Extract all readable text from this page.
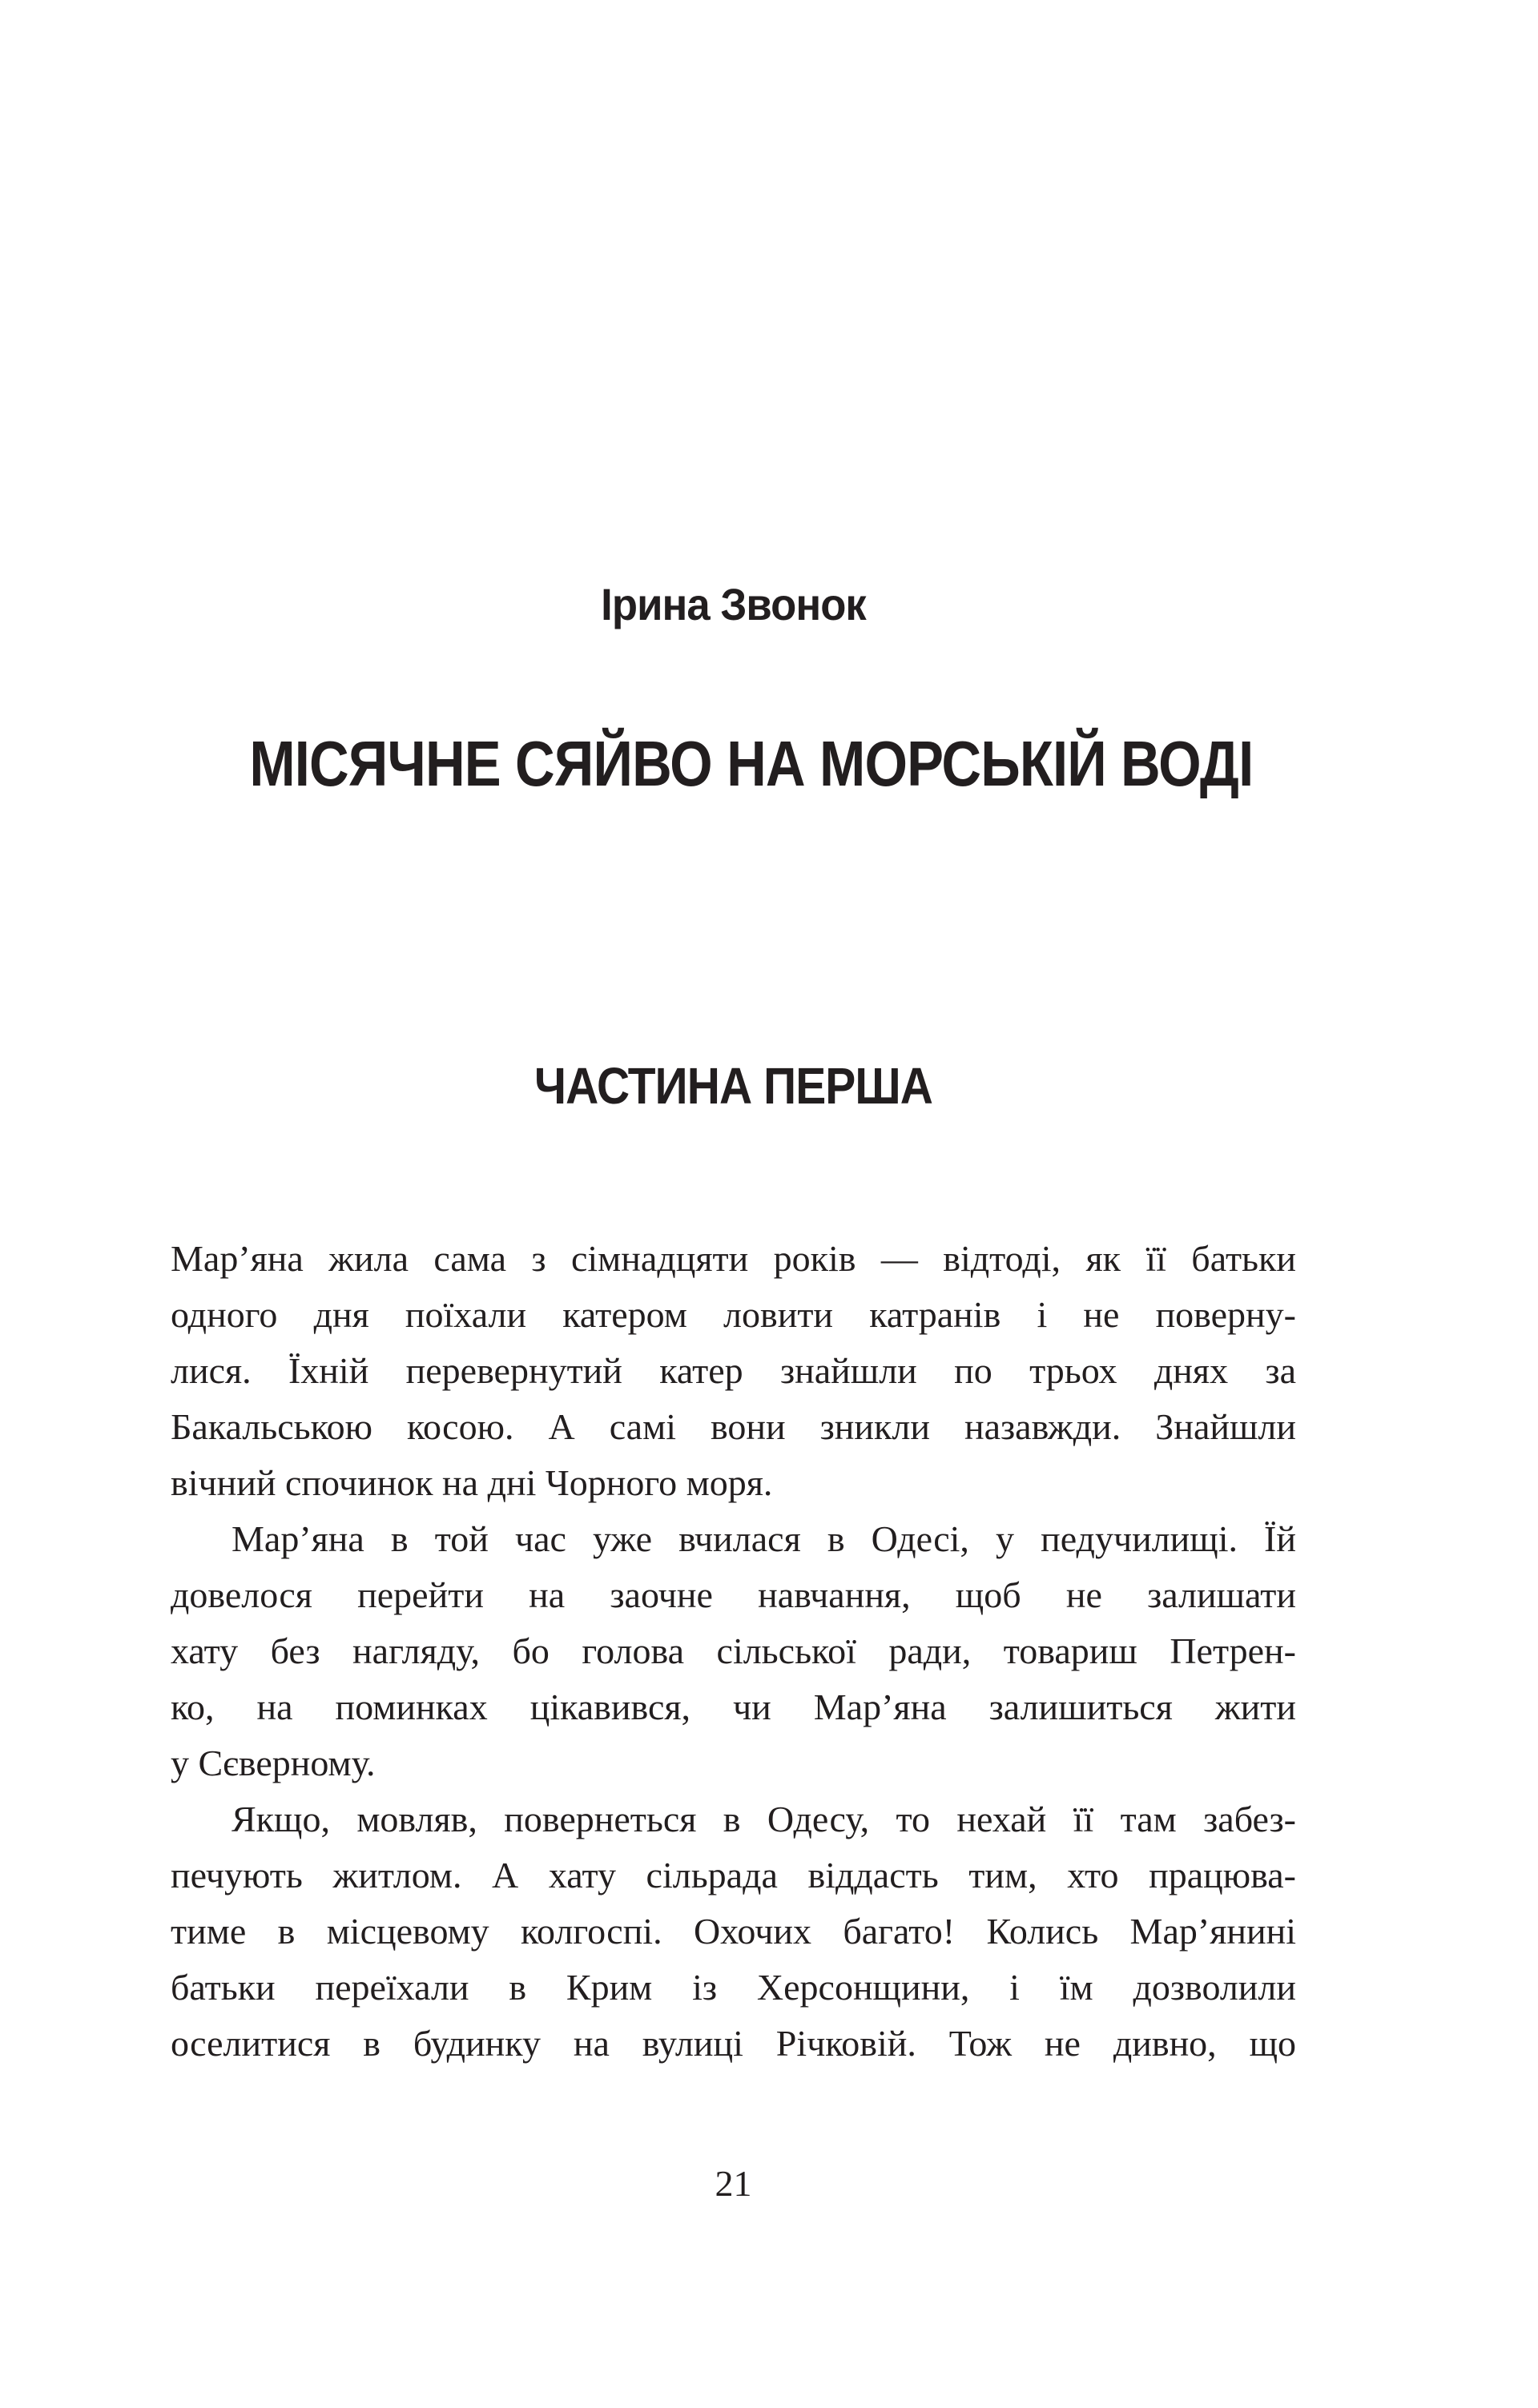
Ірина Звонок
МІСЯЧНЕ СЯЙВО НА МОРСЬКІЙ ВОДІ
ЧАСТИНА ПЕРША
Мар’яна жила сама з сімнадцяти років — відтоді, як її батьки
одного дня поїхали катером ловити катранів і не поверну-
лися. Їхній перевернутий катер знайшли по трьох днях за
Бакальською косою. А самі вони зникли назавжди. Знайшли
вічний спочинок на дні Чорного моря.
Мар’яна в той час уже вчилася в Одесі, у педучилищі. Їй
довелося перейти на заочне навчання, щоб не залишати
хату без нагляду, бо голова сільської ради, товариш Петрен-
ко, на поминках цікавився, чи Мар’яна залишиться жити
у Сєверному.
Якщо, мовляв, повернеться в Одесу, то нехай її там забез-
печують житлом. А хату сільрада віддасть тим, хто працюва-
тиме в місцевому колгоспі. Охочих багато! Колись Мар’янині
батьки переїхали в Крим із Херсонщини, і їм дозволили
оселитися в будинку на вулиці Річковій. Тож не дивно, що
21
